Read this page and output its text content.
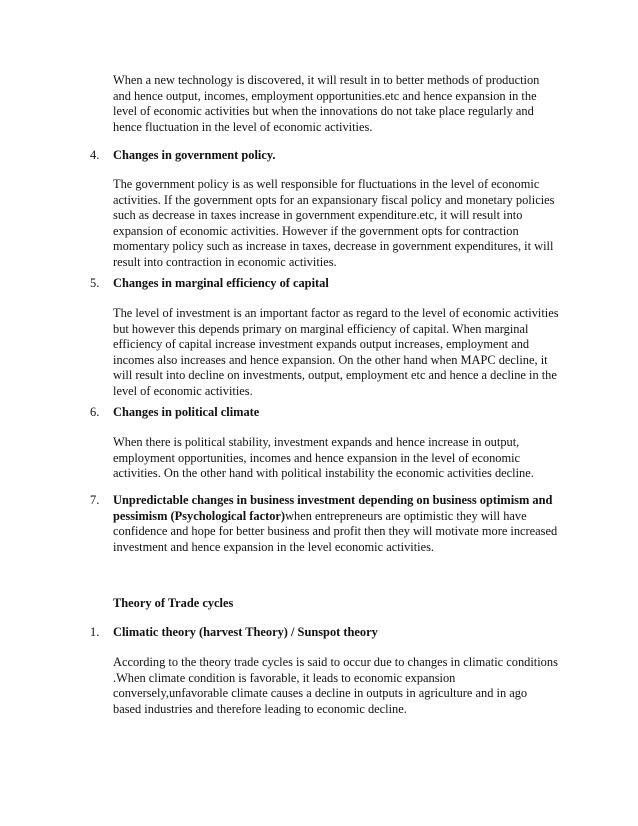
When a new technology is discovered, it will result in to better methods of production
and hence output, incomes, employment opportunities.etc and hence expansion in the
level of economic activities but when the innovations do not take place regularly and
hence fluctuation in the level of economic activities.
4. Changes in government policy.
The government policy is as well responsible for fluctuations in the level of economic
activities. If the government opts for an expansionary fiscal policy and monetary policies
such as decrease in taxes increase in government expenditure.etc, it will result into
expansion of economic activities. However if the government opts for contraction
momentary policy such as increase in taxes, decrease in government expenditures, it will
result into contraction in economic activities.
5. Changes in marginal efficiency of capital
The level of investment is an important factor as regard to the level of economic activities
but however this depends primary on marginal efficiency of capital. When marginal
efficiency of capital increase investment expands output increases, employment and
incomes also increases and hence expansion. On the other hand when MAPC decline, it
will result into decline on investments, output, employment etc and hence a decline in the
level of economic activities.
6. Changes in political climate
When there is political stability, investment expands and hence increase in output,
employment opportunities, incomes and hence expansion in the level of economic
activities. On the other hand with political instability the economic activities decline.
7. Unpredictable changes in business investment depending on business optimism and
pessimism (Psychological factor)when entrepreneurs are optimistic they will have
confidence and hope for better business and profit then they will motivate more increased
investment and hence expansion in the level economic activities.
Theory of Trade cycles
1. Climatic theory (harvest Theory) / Sunspot theory
According to the theory trade cycles is said to occur due to changes in climatic conditions
.When climate condition is favorable, it leads to economic expansion
conversely,unfavorable climate causes a decline in outputs in agriculture and in ago
based industries and therefore leading to economic decline.
